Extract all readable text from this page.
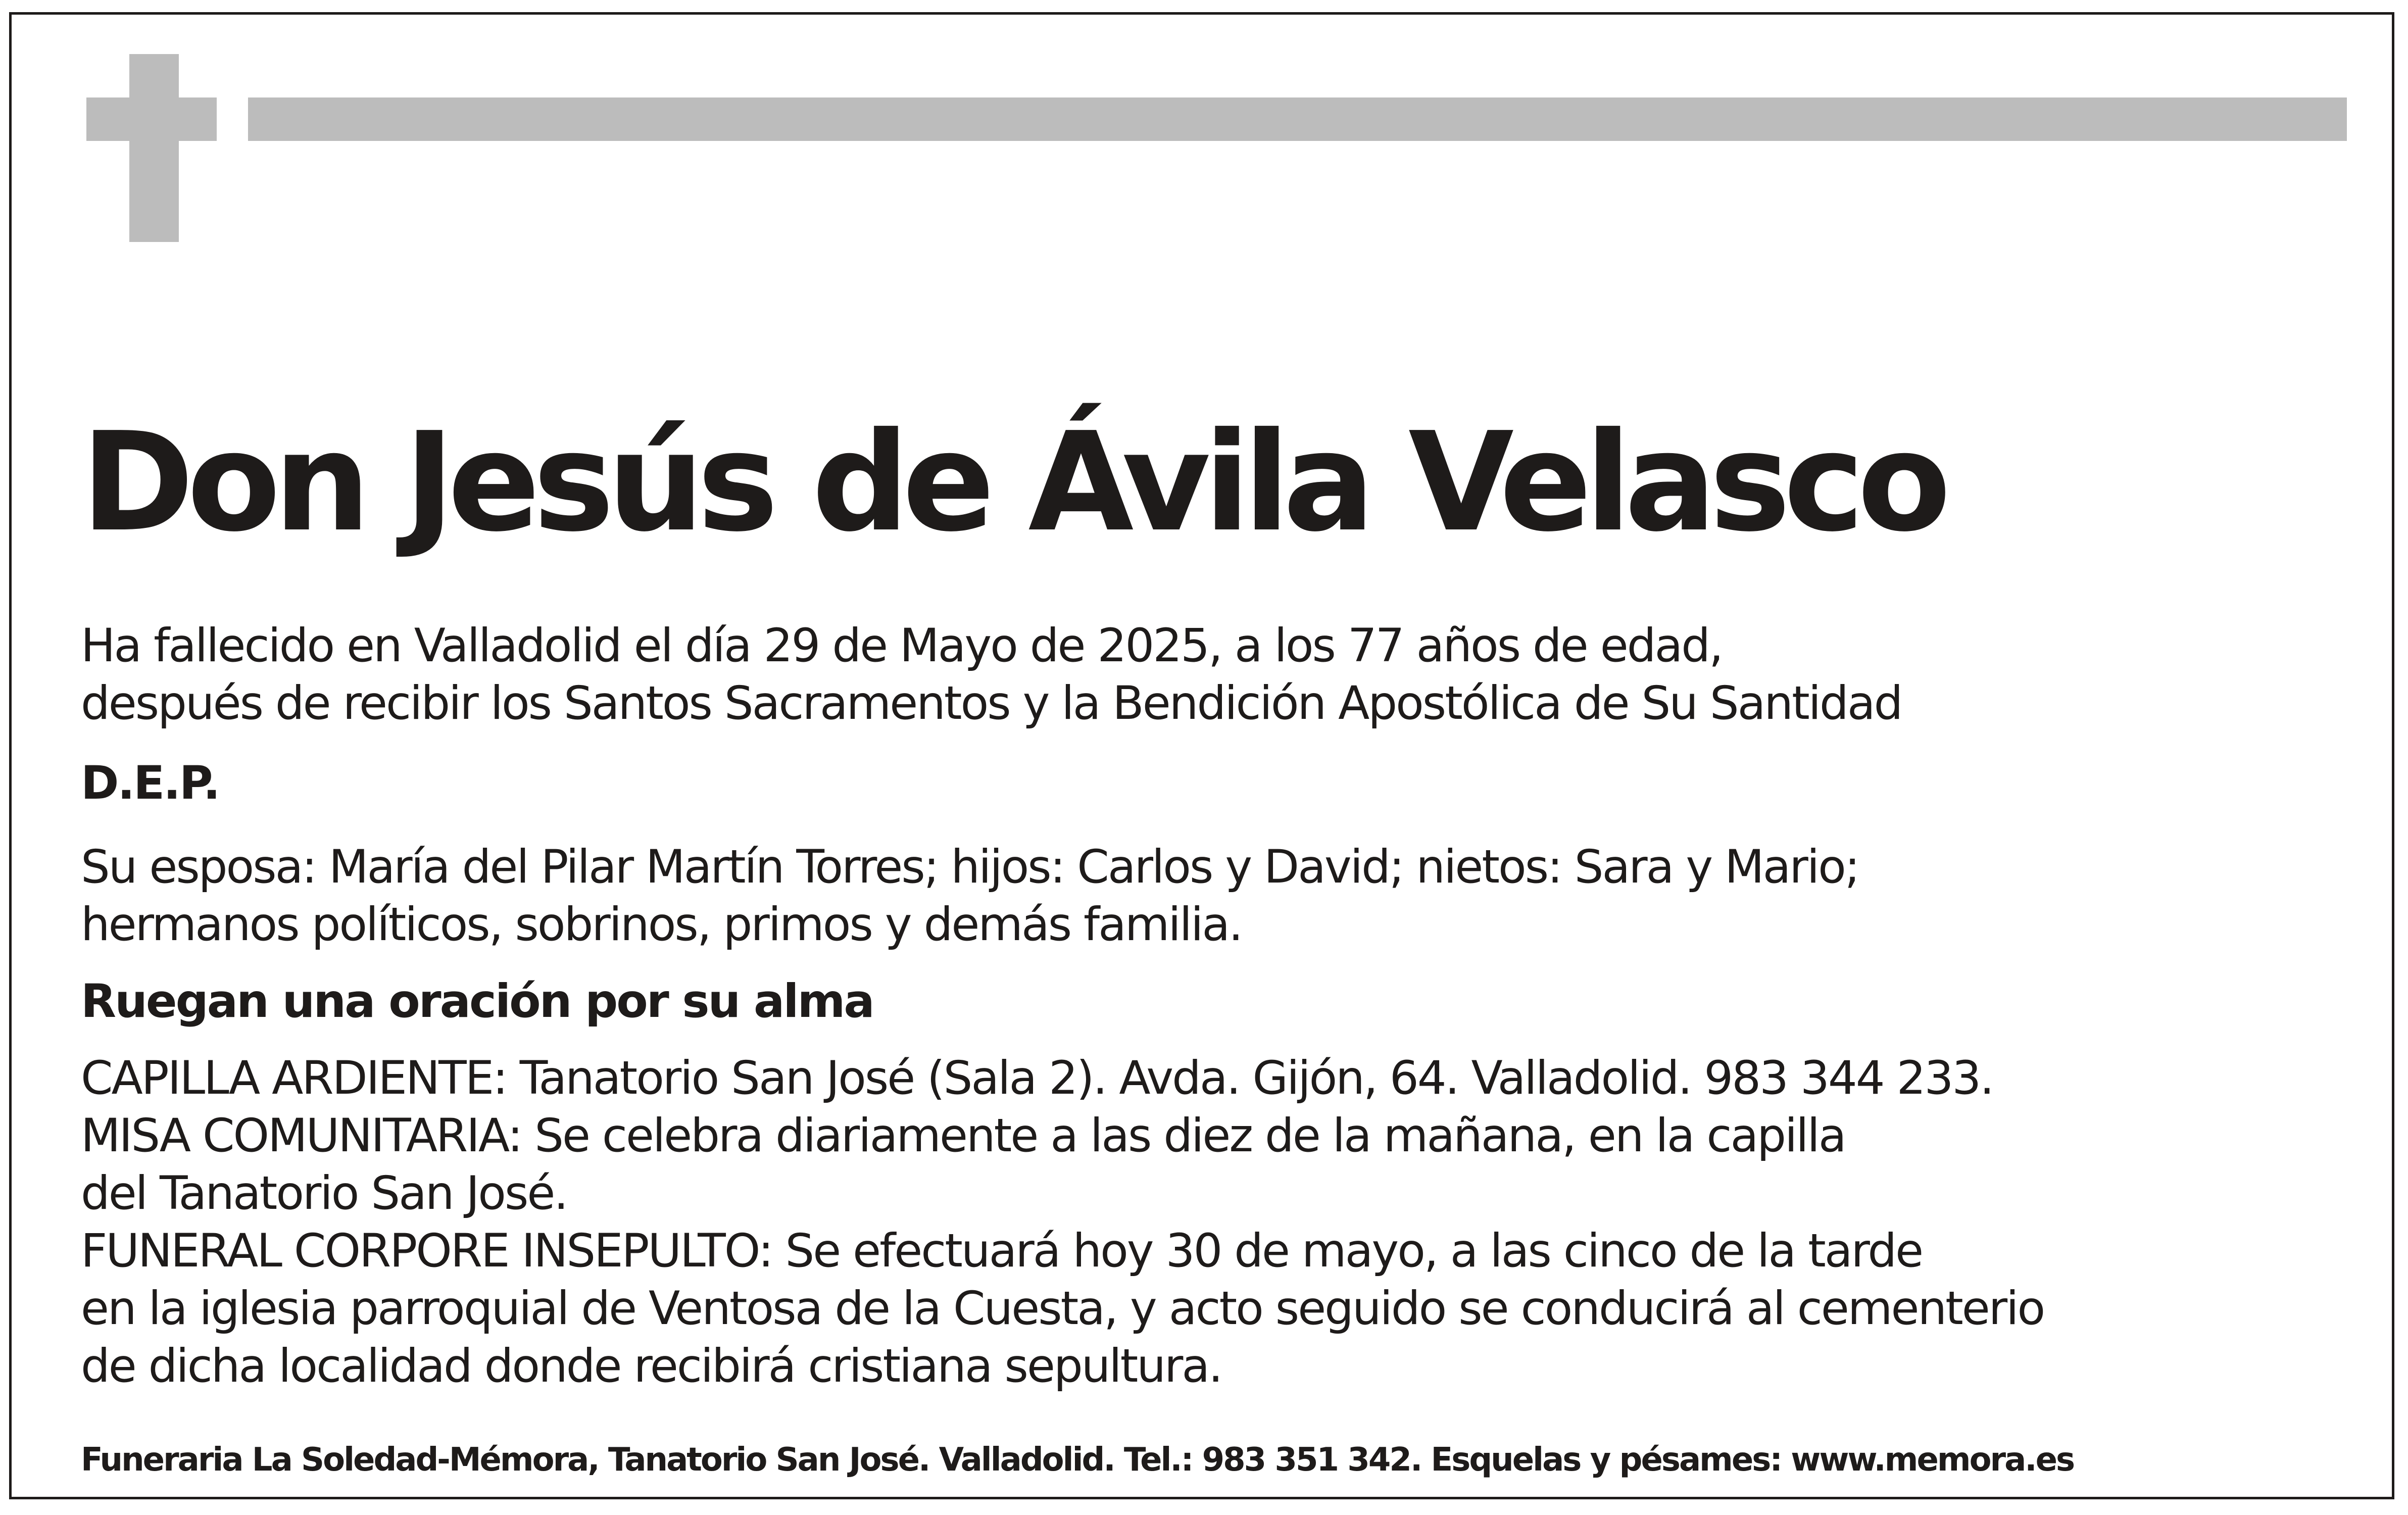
Don Jesús de Ávila Velasco
Ha fallecido en Valladolid el día 29 de Mayo de 2025, a los 77 años de edad,
después de recibir los Santos Sacramentos y la Bendición Apostólica de Su Santidad
D.E.P.
Su esposa: María del Pilar Martín Torres; hijos: Carlos y David; nietos: Sara y Mario;
hermanos políticos, sobrinos, primos y demás familia.
Ruegan una oración por su alma
CAPILLA ARDIENTE: Tanatorio San José (Sala 2). Avda. Gijón, 64. Valladolid. 983 344 233.
MISA COMUNITARIA: Se celebra diariamente a las diez de la mañana, en la capilla
del Tanatorio San José.
FUNERAL CORPORE INSEPULTO: Se efectuará hoy 30 de mayo, a las cinco de la tarde
en la iglesia parroquial de Ventosa de la Cuesta, y acto seguido se conducirá al cementerio
de dicha localidad donde recibirá cristiana sepultura.
Funeraria La Soledad-Mémora, Tanatorio San José. Valladolid. Tel.: 983 351 342. Esquelas y pésames: www.memora.es
